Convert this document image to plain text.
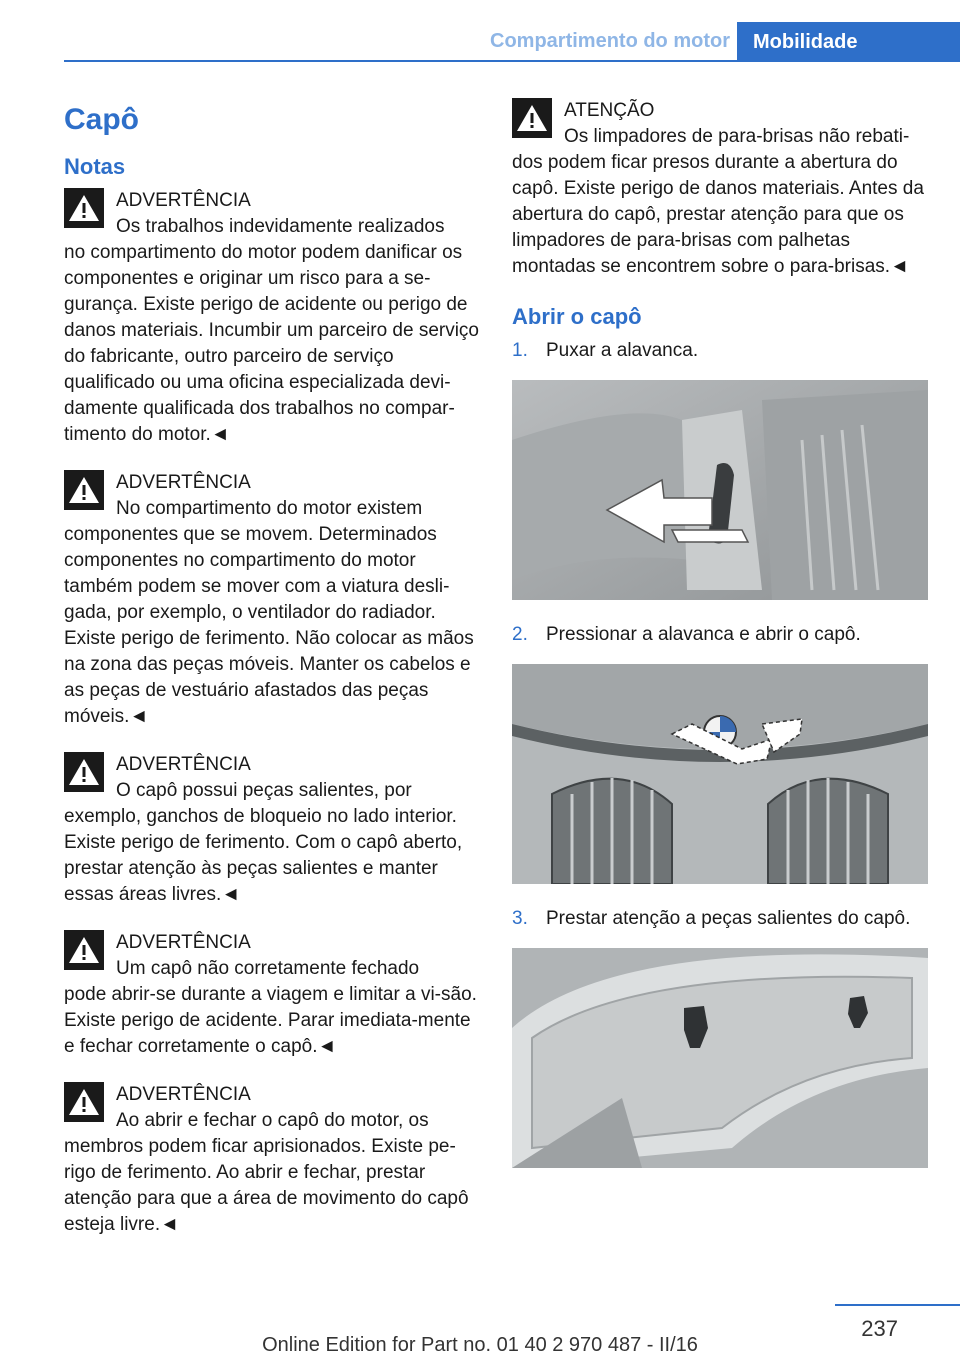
Compartimento do motor	Mobilidade
Capô
Notas
ADVERTÊNCIA
Os trabalhos indevidamente realizados
no compartimento do motor podem danificar os componentes e originar um risco para a se-gurança. Existe perigo de acidente ou perigo de danos materiais. Incumbir um parceiro de serviço do fabricante, outro parceiro de serviço qualificado ou uma oficina especializada devi-damente qualificada dos trabalhos no compar-timento do motor.◄
ADVERTÊNCIA
No compartimento do motor existem
componentes que se movem. Determinados componentes no compartimento do motor também podem se mover com a viatura desli-gada, por exemplo, o ventilador do radiador. Existe perigo de ferimento. Não colocar as mãos na zona das peças móveis. Manter os cabelos e as peças de vestuário afastados das peças móveis.◄
ADVERTÊNCIA
O capô possui peças salientes, por
exemplo, ganchos de bloqueio no lado interior. Existe perigo de ferimento. Com o capô aberto, prestar atenção às peças salientes e manter essas áreas livres.◄
ADVERTÊNCIA
Um capô não corretamente fechado
pode abrir-se durante a viagem e limitar a vi-são. Existe perigo de acidente. Parar imediata-mente e fechar corretamente o capô.◄
ADVERTÊNCIA
Ao abrir e fechar o capô do motor, os
membros podem ficar aprisionados. Existe pe-rigo de ferimento. Ao abrir e fechar, prestar atenção para que a área de movimento do capô esteja livre.◄
ATENÇÃO
Os limpadores de para-brisas não rebati-
dos podem ficar presos durante a abertura do capô. Existe perigo de danos materiais. Antes da abertura do capô, prestar atenção para que os limpadores de para-brisas com palhetas montadas se encontrem sobre o para-brisas.◄
Abrir o capô
1. Puxar a alavanca.
2. Pressionar a alavanca e abrir o capô.
3. Prestar atenção a peças salientes do capô.
237
Online Edition for Part no. 01 40 2 970 487 - II/16
